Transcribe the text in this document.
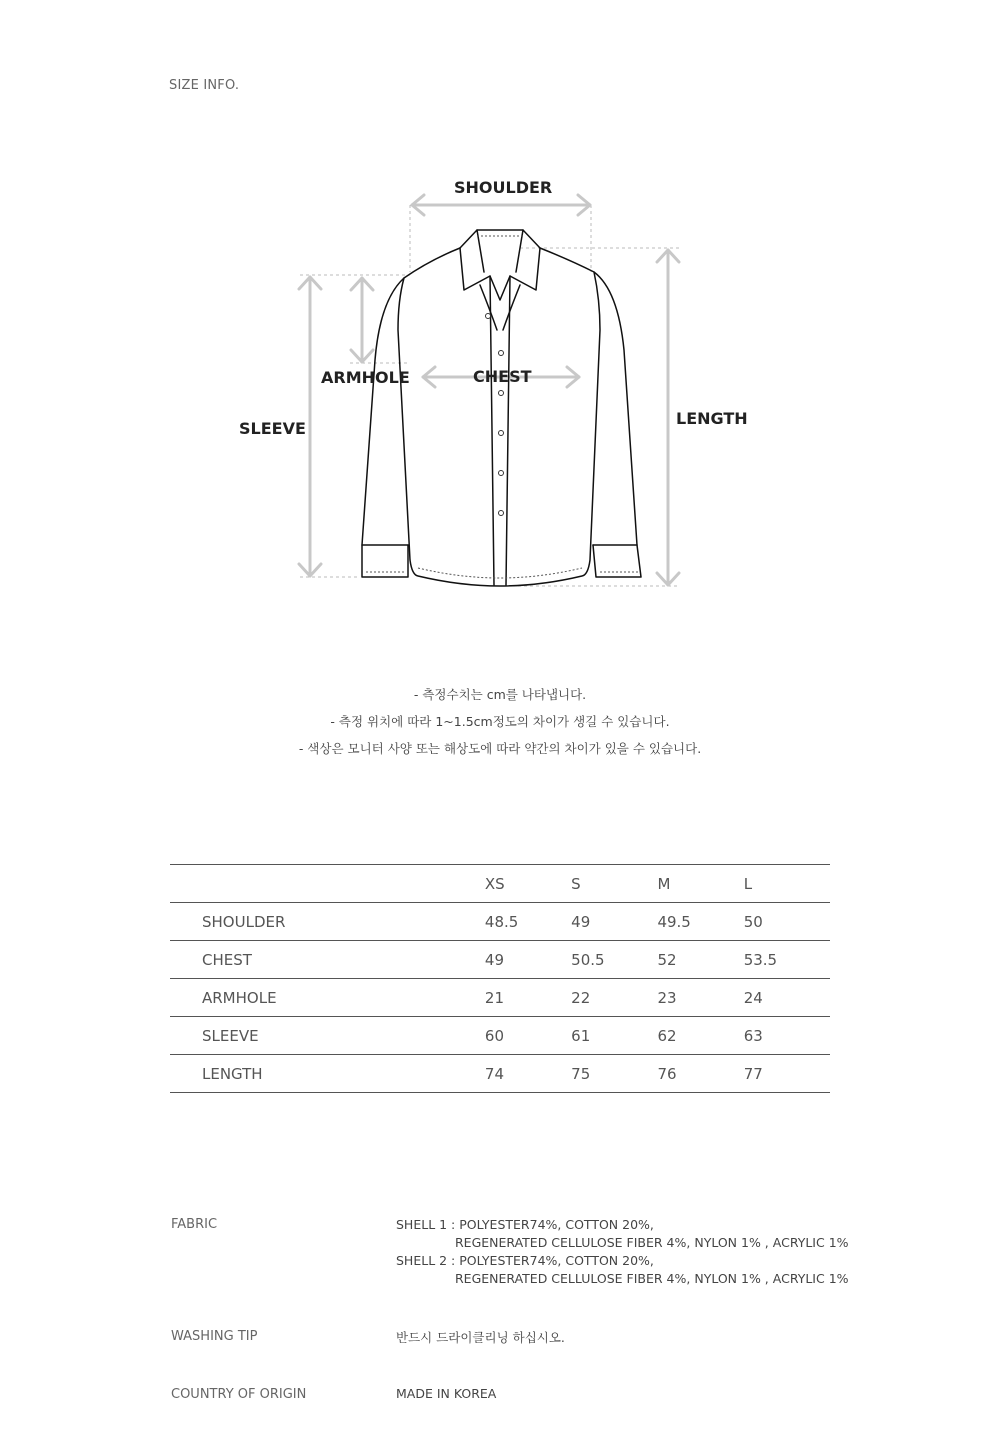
SIZE INFO.
SHOULDER
ARMHOLE	CHEST
SLEEVE
LENGTH
- 측정수치는 cm를 나타냅니다.
- 측정 위치에 따라 1~1.5cm정도의 차이가 생길 수 있습니다.
- 색상은 모니터 사양 또는 해상도에 따라 약간의 차이가 있을 수 있습니다.
	XS	S	M	L
SHOULDER	48.5	49	49.5	50
CHEST	49	50.5	52	53.5
ARMHOLE	21	22	23	24
SLEEVE	60	61	62	63
LENGTH	74	75	76	77
FABRIC	SHELL 1 : POLYESTER74%, COTTON 20%,
REGENERATED CELLULOSE FIBER 4%, NYLON 1% , ACRYLIC 1%
SHELL 2 : POLYESTER74%, COTTON 20%,
REGENERATED CELLULOSE FIBER 4%, NYLON 1% , ACRYLIC 1%
WASHING TIP	반드시 드라이클리닝 하십시오.
COUNTRY OF ORIGIN	MADE IN KOREA
